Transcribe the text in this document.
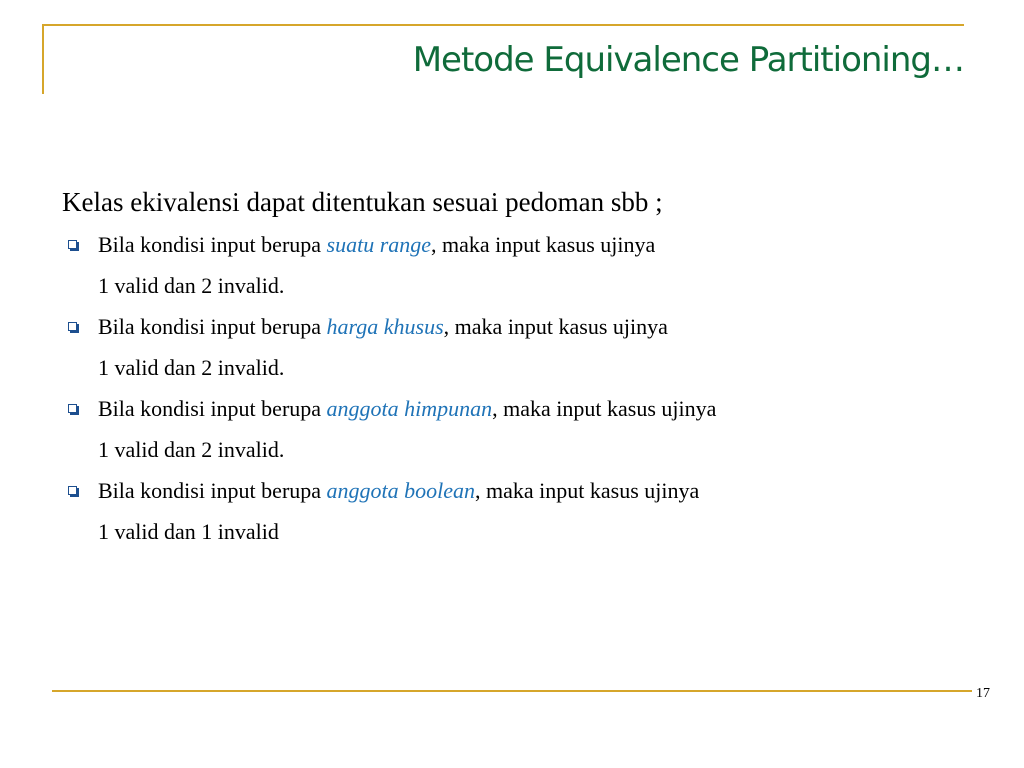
Metode Equivalence Partitioning…
Kelas ekivalensi dapat ditentukan sesuai pedoman sbb ;
Bila kondisi input berupa suatu range, maka input kasus ujinya
1 valid dan 2 invalid.
Bila kondisi input berupa harga khusus, maka input kasus ujinya
1 valid dan 2 invalid.
Bila kondisi input berupa anggota himpunan, maka input kasus ujinya
1 valid dan 2 invalid.
Bila kondisi input berupa anggota boolean, maka input kasus ujinya
1 valid dan 1 invalid
17
